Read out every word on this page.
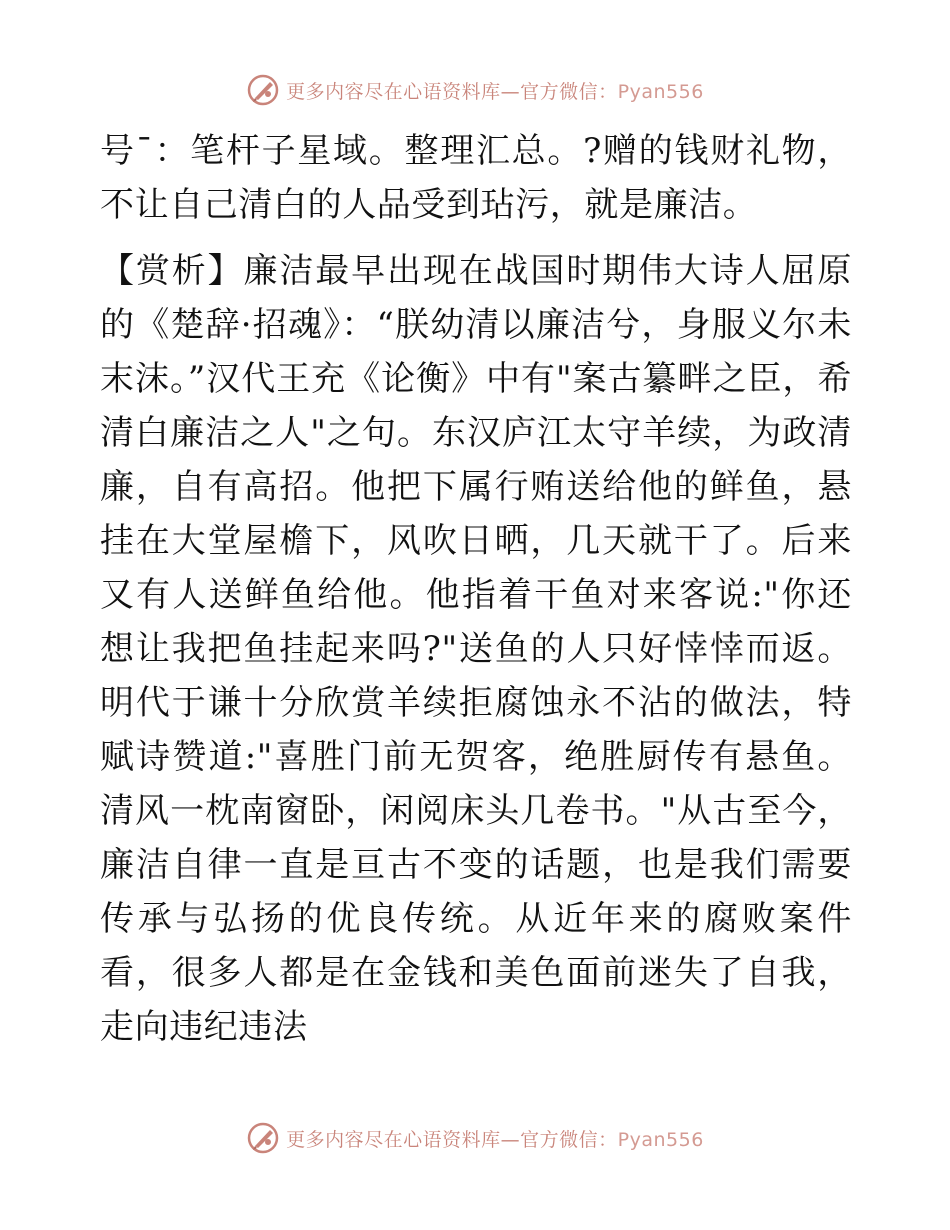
更多内容尽在心语资料库—官方微信：Pyan556

号¯：笔杆子星域。整理汇总。?赠的钱财礼物，不让自己清白的人品受到玷污，就是廉洁。

【赏析】廉洁最早出现在战国时期伟大诗人屈原的《楚辞·招魂》：“朕幼清以廉洁兮，身服义尔未末沫。”汉代王充《论衡》中有"案古纂畔之臣，希清白廉洁之人"之句。东汉庐江太守羊续，为政清廉，自有高招。他把下属行贿送给他的鲜鱼，悬挂在大堂屋檐下，风吹日晒，几天就干了。后来又有人送鲜鱼给他。他指着干鱼对来客说:"你还想让我把鱼挂起来吗?"送鱼的人只好悻悻而返。明代于谦十分欣赏羊续拒腐蚀永不沾的做法，特赋诗赞道:"喜胜门前无贺客，绝胜厨传有悬鱼。清风一枕南窗卧，闲阅床头几卷书。"从古至今，廉洁自律一直是亘古不变的话题，也是我们需要传承与弘扬的优良传统。从近年来的腐败案件看，很多人都是在金钱和美色面前迷失了自我，走向违纪违法

更多内容尽在心语资料库—官方微信：Pyan556
